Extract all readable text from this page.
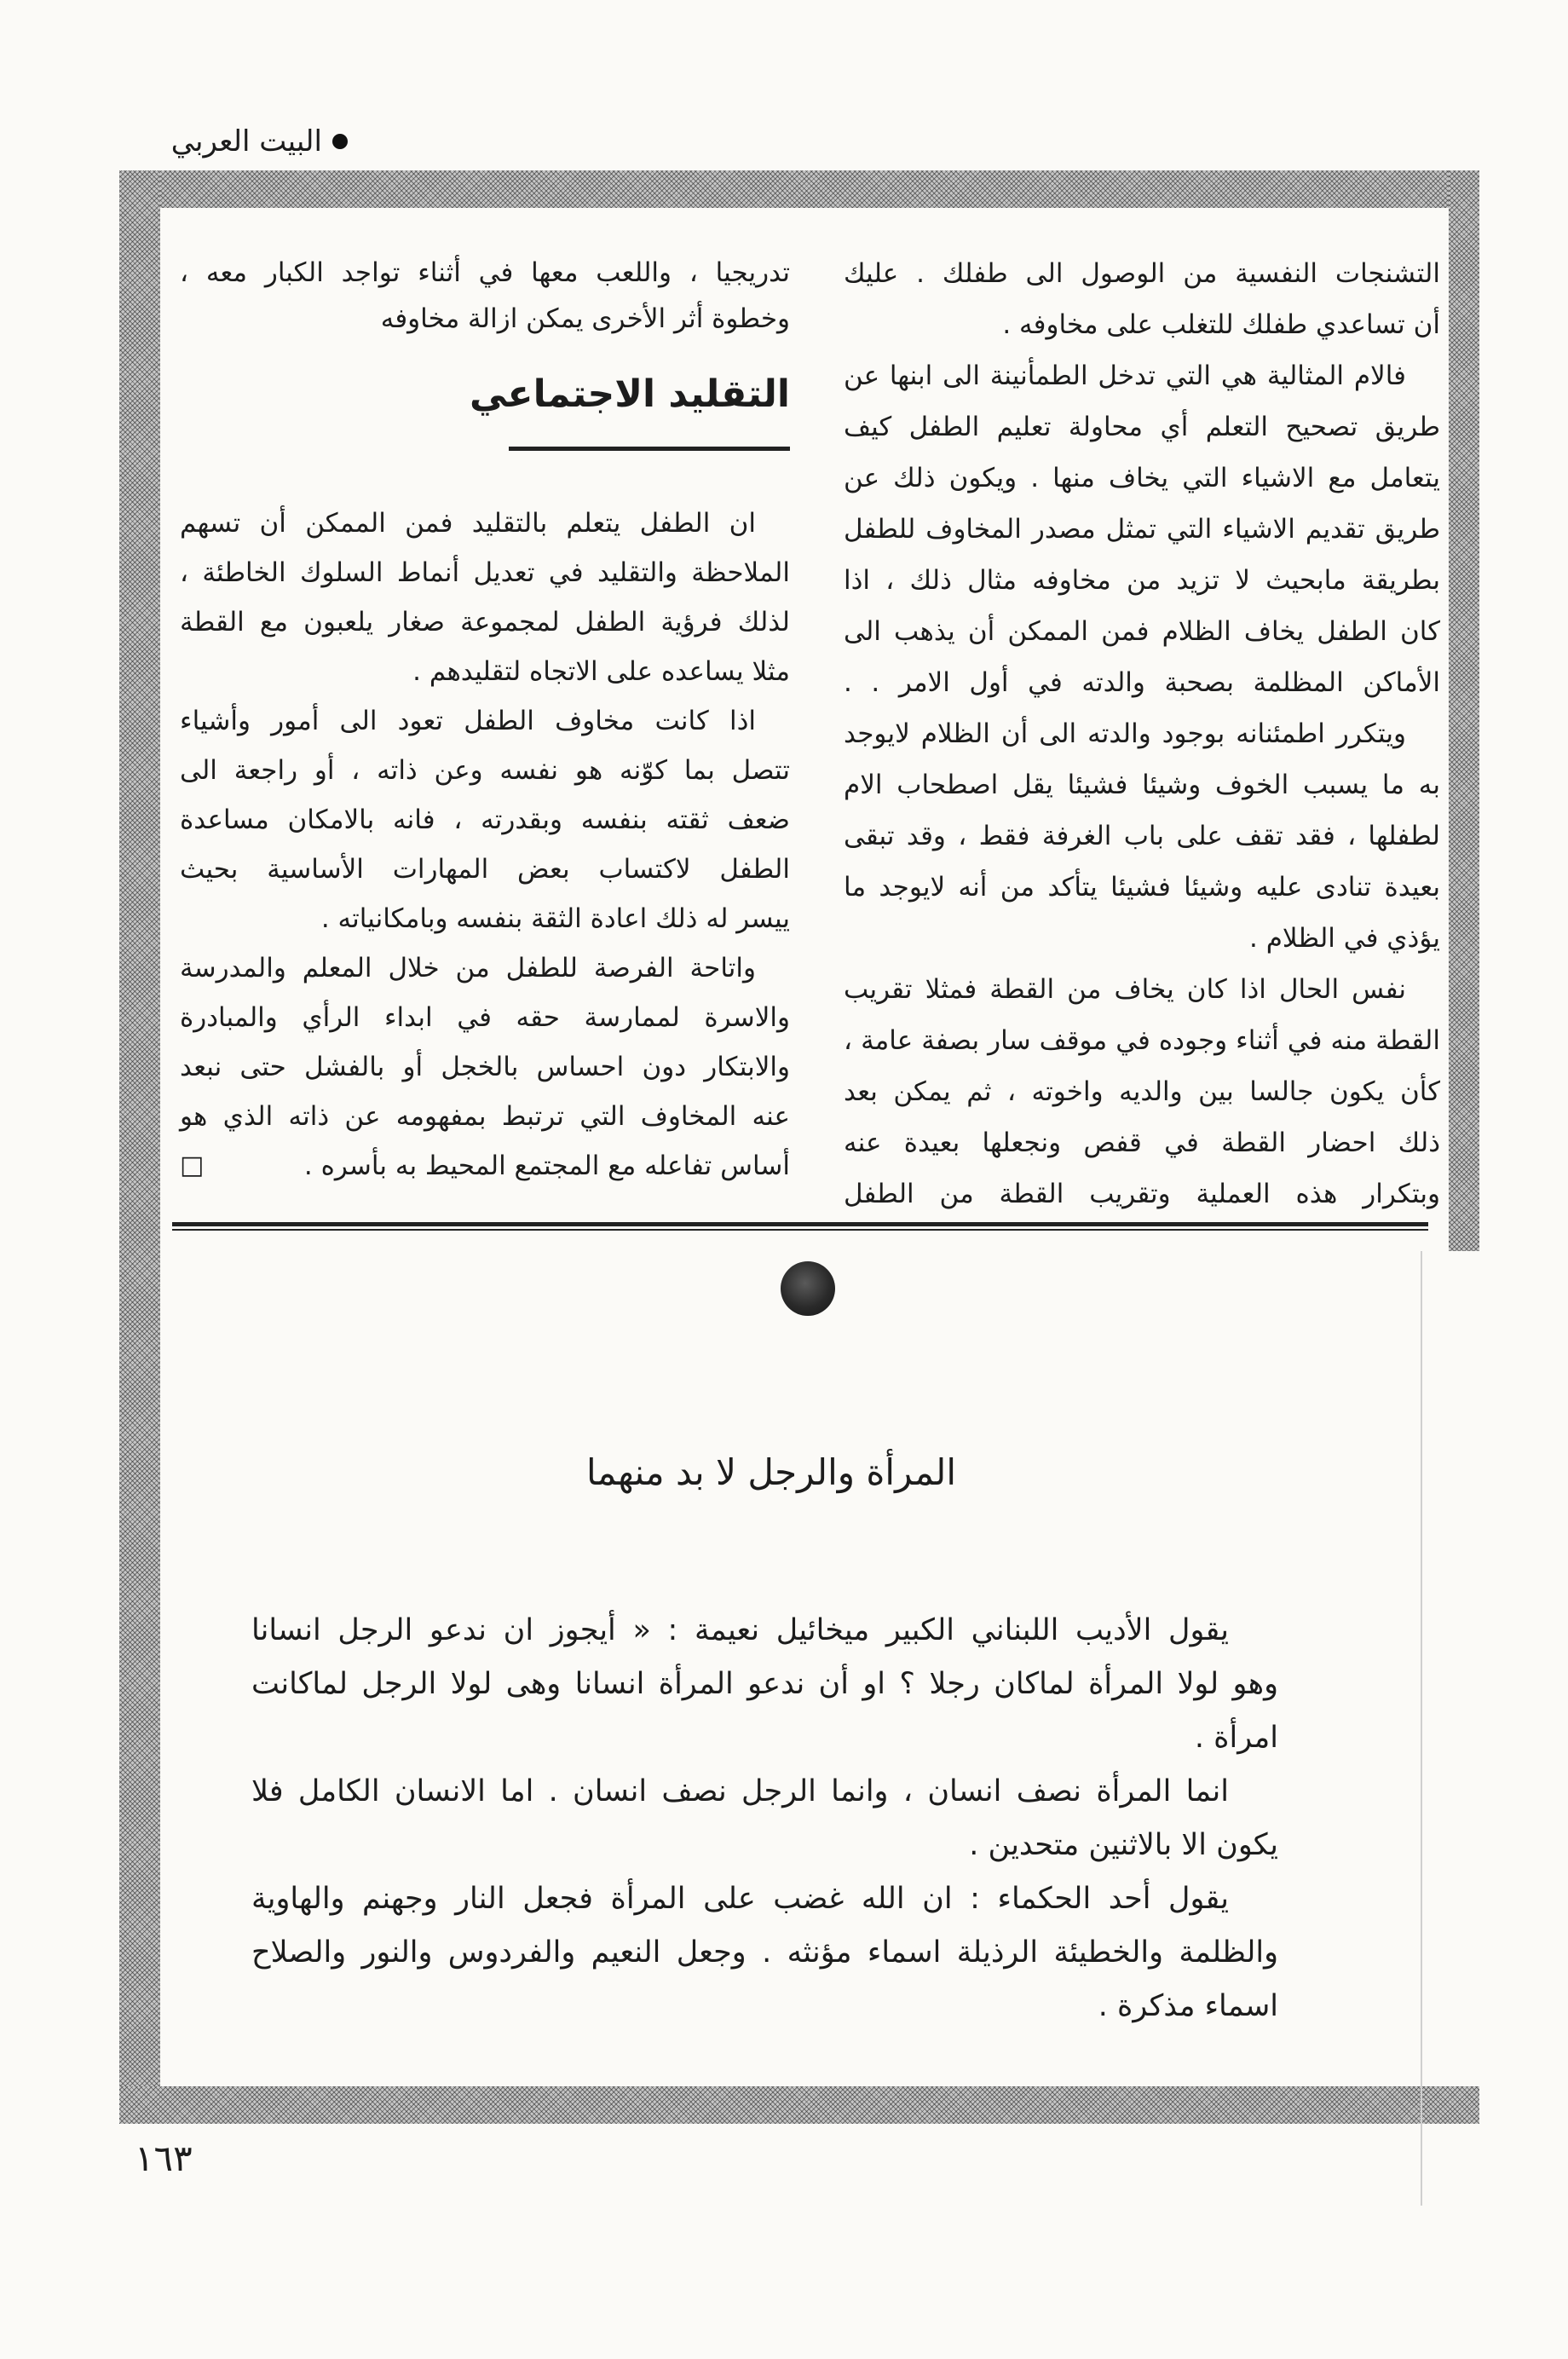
البيت العربي
التشنجات النفسية من الوصول الى طفلك . عليك
أن تساعدي طفلك للتغلب على مخاوفه .
فالام المثالية هي التي تدخل الطمأنينة الى ابنها عن
طريق تصحيح التعلم أي محاولة تعليم الطفل كيف
يتعامل مع الاشياء التي يخاف منها . ويكون ذلك عن
طريق تقديم الاشياء التي تمثل مصدر المخاوف للطفل
بطريقة مابحيث لا تزيد من مخاوفه مثال ذلك ، اذا
كان الطفل يخاف الظلام فمن الممكن أن يذهب الى
الأماكن المظلمة بصحبة والدته في أول الامر . .
ويتكرر اطمئنانه بوجود والدته الى أن الظلام لايوجد
به ما يسبب الخوف وشيئا فشيئا يقل اصطحاب الام
لطفلها ، فقد تقف على باب الغرفة فقط ، وقد تبقى
بعيدة تنادى عليه وشيئا فشيئا يتأكد من أنه لايوجد ما
يؤذي في الظلام .
نفس الحال اذا كان يخاف من القطة فمثلا تقريب
القطة منه في أثناء وجوده في موقف سار بصفة عامة ،
كأن يكون جالسا بين والديه واخوته ، ثم يمكن بعد
ذلك احضار القطة في قفص ونجعلها بعيدة عنه
وبتكرار هذه العملية وتقريب القطة من الطفل
تدريجيا ، واللعب معها في أثناء تواجد الكبار معه ،
وخطوة أثر الأخرى يمكن ازالة مخاوفه
التقليد الاجتماعي
ان الطفل يتعلم بالتقليد فمن الممكن أن تسهم
الملاحظة والتقليد في تعديل أنماط السلوك الخاطئة ،
لذلك فرؤية الطفل لمجموعة صغار يلعبون مع القطة
مثلا يساعده على الاتجاه لتقليدهم .
اذا كانت مخاوف الطفل تعود الى أمور وأشياء
تتصل بما كوّنه هو نفسه وعن ذاته ، أو راجعة الى
ضعف ثقته بنفسه وبقدرته ، فانه بالامكان مساعدة
الطفل لاكتساب بعض المهارات الأساسية بحيث
ييسر له ذلك اعادة الثقة بنفسه وبامكانياته .
واتاحة الفرصة للطفل من خلال المعلم والمدرسة
والاسرة لممارسة حقه في ابداء الرأي والمبادرة
والابتكار دون احساس بالخجل أو بالفشل حتى نبعد
عنه المخاوف التي ترتبط بمفهومه عن ذاته الذي هو
أساس تفاعله مع المجتمع المحيط به بأسره .
□
المرأة والرجل لا بد منهما
يقول الأديب اللبناني الكبير ميخائيل نعيمة : « أيجوز ان ندعو الرجل انسانا
وهو لولا المرأة لماكان رجلا ؟ او أن ندعو المرأة انسانا وهى لولا الرجل لماكانت
امرأة .
انما المرأة نصف انسان ، وانما الرجل نصف انسان . اما الانسان الكامل فلا
يكون الا بالاثنين متحدين .
يقول أحد الحكماء : ان الله غضب على المرأة فجعل النار وجهنم والهاوية
والظلمة والخطيئة الرذيلة اسماء مؤنثه . وجعل النعيم والفردوس والنور والصلاح
اسماء مذكرة .
١٦٣
